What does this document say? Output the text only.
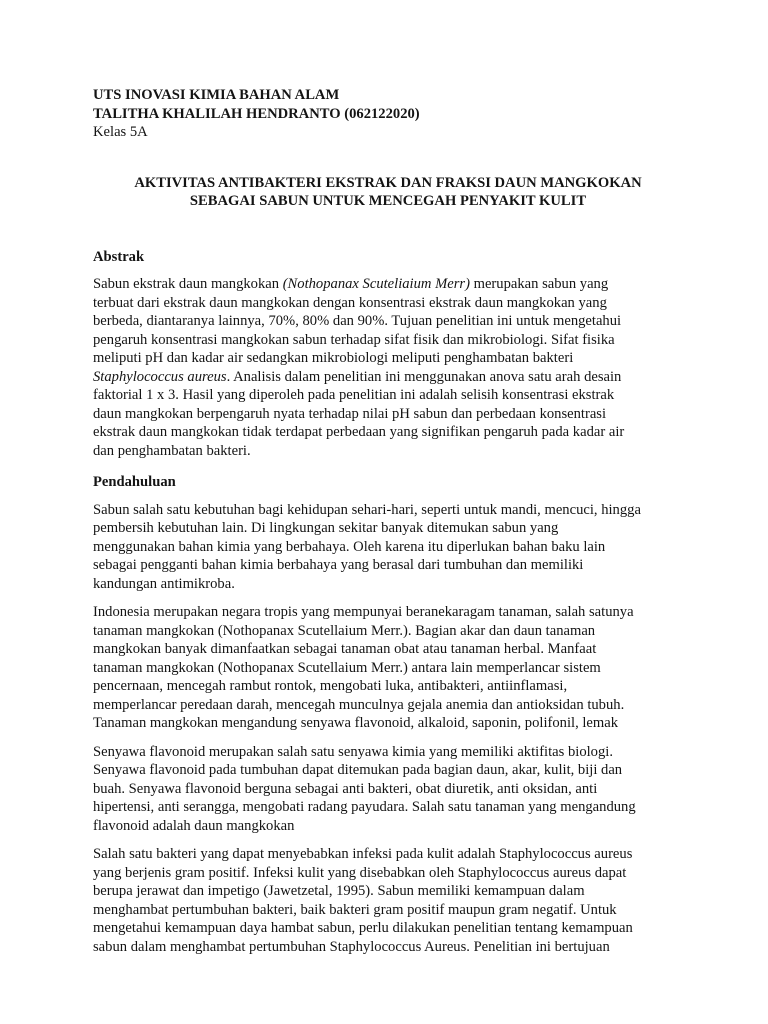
UTS INOVASI KIMIA BAHAN ALAM

TALITHA KHALILAH HENDRANTO (062122020)

Kelas 5A

AKTIVITAS ANTIBAKTERI EKSTRAK DAN FRAKSI DAUN MANGKOKAN
SEBAGAI SABUN UNTUK MENCEGAH PENYAKIT KULIT

Abstrak

Sabun ekstrak daun mangkokan (Nothopanax Scuteliaium Merr) merupakan sabun yang
terbuat dari ekstrak daun mangkokan dengan konsentrasi ekstrak daun mangkokan yang
berbeda, diantaranya lainnya, 70%, 80% dan 90%. Tujuan penelitian ini untuk mengetahui
pengaruh konsentrasi mangkokan sabun terhadap sifat fisik dan mikrobiologi. Sifat fisika
meliputi pH dan kadar air sedangkan mikrobiologi meliputi penghambatan bakteri
Staphylococcus aureus. Analisis dalam penelitian ini menggunakan anova satu arah desain
faktorial 1 x 3. Hasil yang diperoleh pada penelitian ini adalah selisih konsentrasi ekstrak
daun mangkokan berpengaruh nyata terhadap nilai pH sabun dan perbedaan konsentrasi
ekstrak daun mangkokan tidak terdapat perbedaan yang signifikan pengaruh pada kadar air
dan penghambatan bakteri.

Pendahuluan

Sabun salah satu kebutuhan bagi kehidupan sehari-hari, seperti untuk mandi, mencuci, hingga
pembersih kebutuhan lain. Di lingkungan sekitar banyak ditemukan sabun yang
menggunakan bahan kimia yang berbahaya. Oleh karena itu diperlukan bahan baku lain
sebagai pengganti bahan kimia berbahaya yang berasal dari tumbuhan dan memiliki
kandungan antimikroba.

Indonesia merupakan negara tropis yang mempunyai beranekaragam tanaman, salah satunya
tanaman mangkokan (Nothopanax Scutellaium Merr.). Bagian akar dan daun tanaman
mangkokan banyak dimanfaatkan sebagai tanaman obat atau tanaman herbal. Manfaat
tanaman mangkokan (Nothopanax Scutellaium Merr.) antara lain memperlancar sistem
pencernaan, mencegah rambut rontok, mengobati luka, antibakteri, antiinflamasi,
memperlancar peredaan darah, mencegah munculnya gejala anemia dan antioksidan tubuh.
Tanaman mangkokan mengandung senyawa flavonoid, alkaloid, saponin, polifonil, lemak

Senyawa flavonoid merupakan salah satu senyawa kimia yang memiliki aktifitas biologi.
Senyawa flavonoid pada tumbuhan dapat ditemukan pada bagian daun, akar, kulit, biji dan
buah. Senyawa flavonoid berguna sebagai anti bakteri, obat diuretik, anti oksidan, anti
hipertensi, anti serangga, mengobati radang payudara. Salah satu tanaman yang mengandung
flavonoid adalah daun mangkokan

Salah satu bakteri yang dapat menyebabkan infeksi pada kulit adalah Staphylococcus aureus
yang berjenis gram positif. Infeksi kulit yang disebabkan oleh Staphylococcus aureus dapat
berupa jerawat dan impetigo (Jawetzetal, 1995). Sabun memiliki kemampuan dalam
menghambat pertumbuhan bakteri, baik bakteri gram positif maupun gram negatif. Untuk
mengetahui kemampuan daya hambat sabun, perlu dilakukan penelitian tentang kemampuan
sabun dalam menghambat pertumbuhan Staphylococcus Aureus. Penelitian ini bertujuan
